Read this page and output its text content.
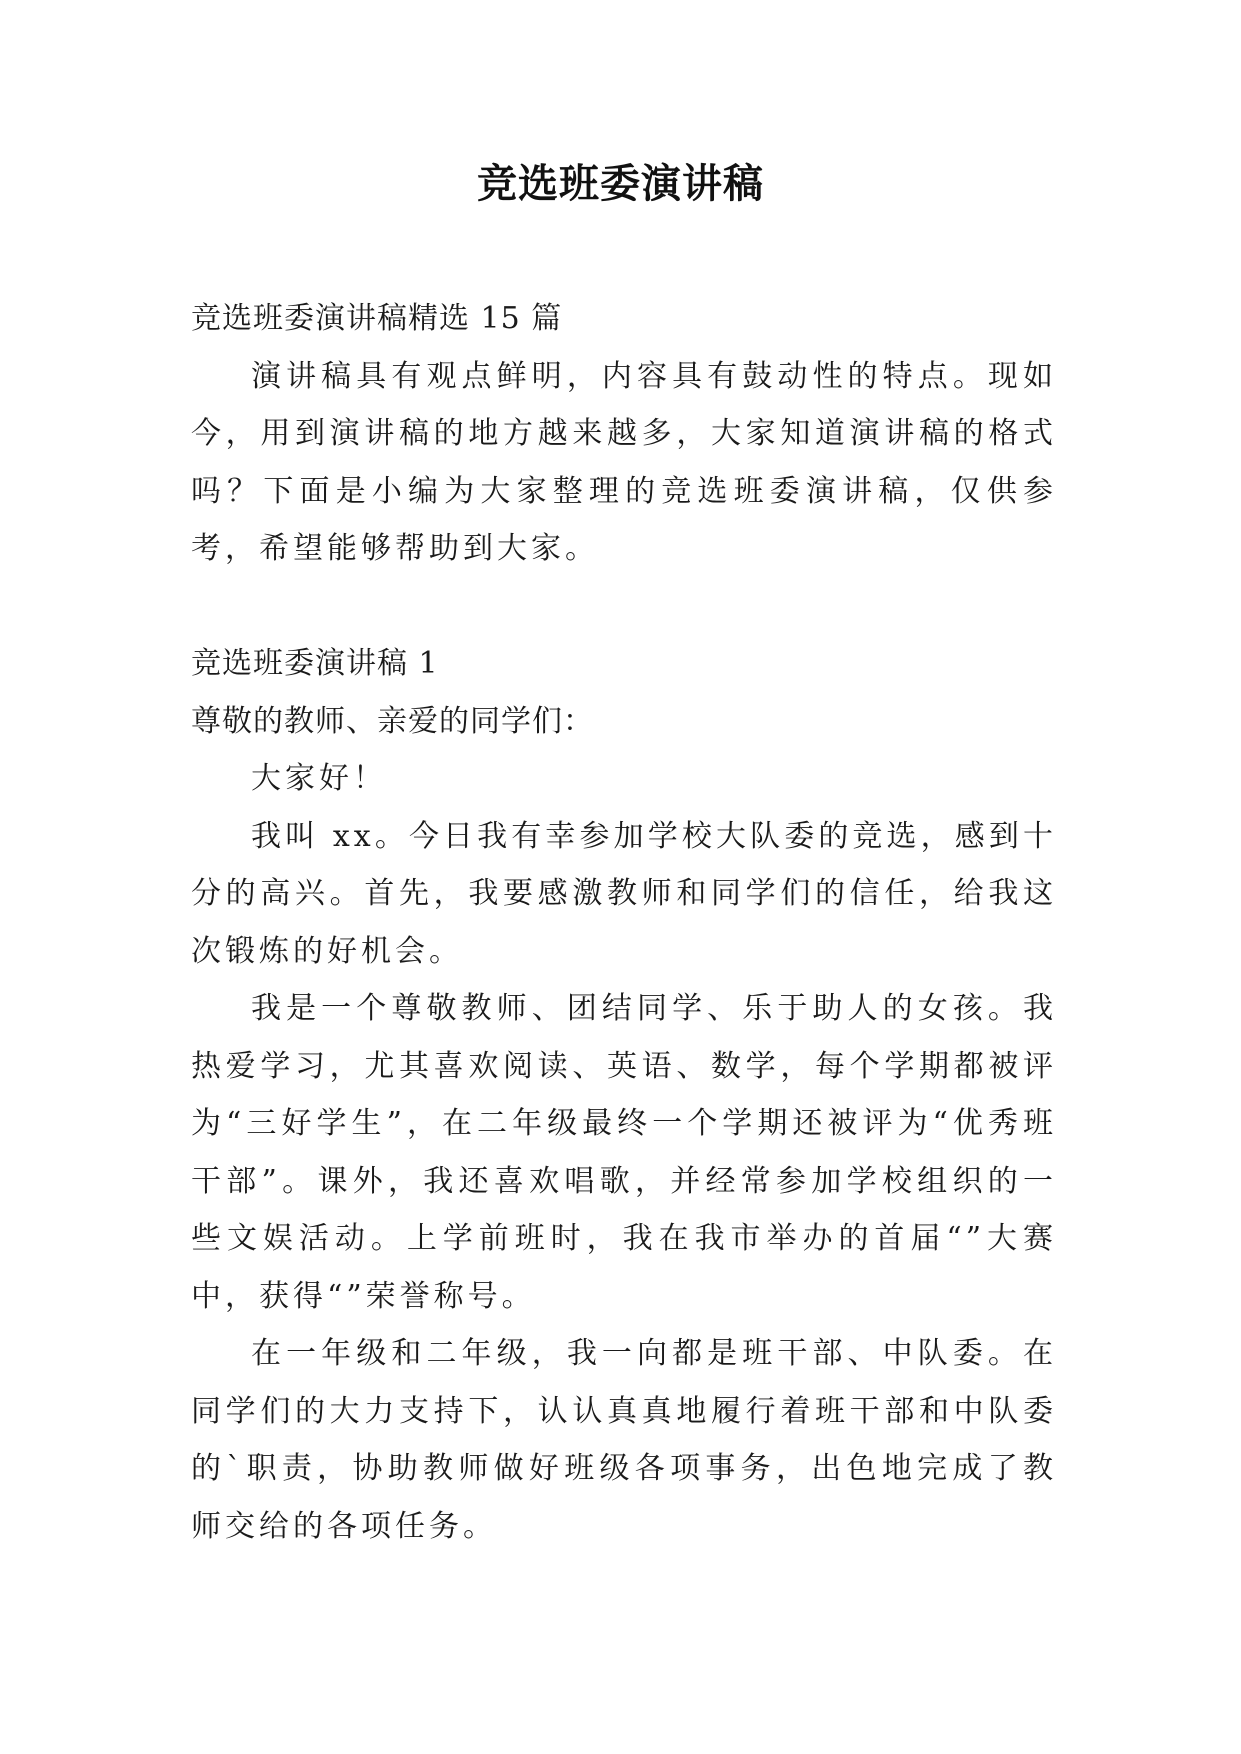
竞选班委演讲稿
竞选班委演讲稿精选 15 篇
演讲稿具有观点鲜明，内容具有鼓动性的特点。现如今，用到演讲稿的地方越来越多，大家知道演讲稿的格式吗？下面是小编为大家整理的竞选班委演讲稿，仅供参考，希望能够帮助到大家。
竞选班委演讲稿 1
尊敬的教师、亲爱的同学们：
大家好！
我叫 xx。今日我有幸参加学校大队委的竞选，感到十分的高兴。首先，我要感激教师和同学们的信任，给我这次锻炼的好机会。
我是一个尊敬教师、团结同学、乐于助人的女孩。我热爱学习，尤其喜欢阅读、英语、数学，每个学期都被评为“三好学生”，在二年级最终一个学期还被评为“优秀班干部”。课外，我还喜欢唱歌，并经常参加学校组织的一些文娱活动。上学前班时，我在我市举办的首届“”大赛中，获得“”荣誉称号。
在一年级和二年级，我一向都是班干部、中队委。在同学们的大力支持下，认认真真地履行着班干部和中队委的`职责，协助教师做好班级各项事务，出色地完成了教师交给的各项任务。
